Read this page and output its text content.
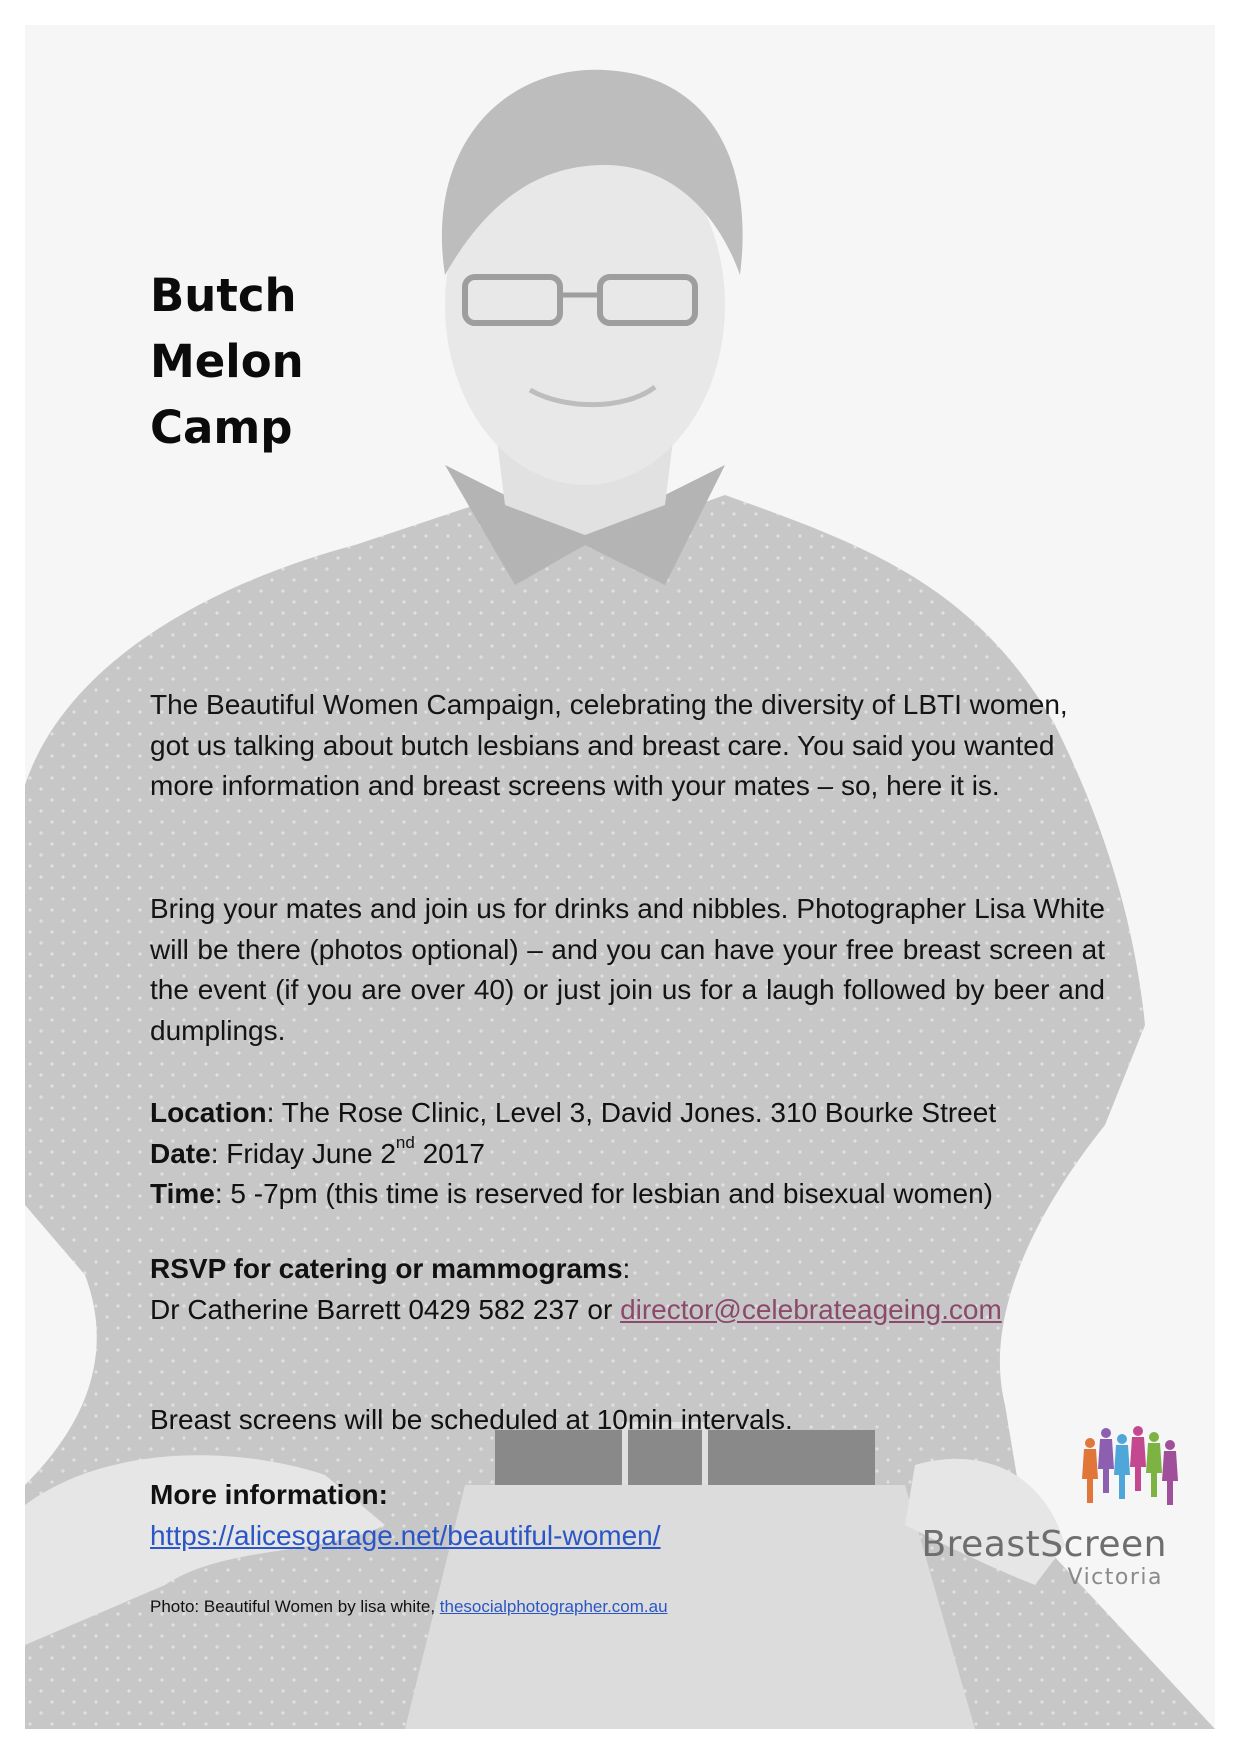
Butch
Melon
Camp

The Beautiful Women Campaign, celebrating the diversity of LBTI women, got us talking about butch lesbians and breast care. You said you wanted more information and breast screens with your mates – so, here it is.

Bring your mates and join us for drinks and nibbles. Photographer Lisa White will be there (photos optional) – and you can have your free breast screen at the event (if you are over 40) or just join us for a laugh followed by beer and dumplings.

Location: The Rose Clinic, Level 3, David Jones. 310 Bourke Street
Date: Friday June 2nd 2017
Time: 5 -7pm (this time is reserved for lesbian and bisexual women)
RSVP for catering or mammograms:
Dr Catherine Barrett 0429 582 237 or director@celebrateageing.com
Breast screens will be scheduled at 10min intervals.
More information:
https://alicesgarage.net/beautiful-women/
Photo: Beautiful Women by lisa white, thesocialphotographer.com.au
BreastScreen
Victoria
